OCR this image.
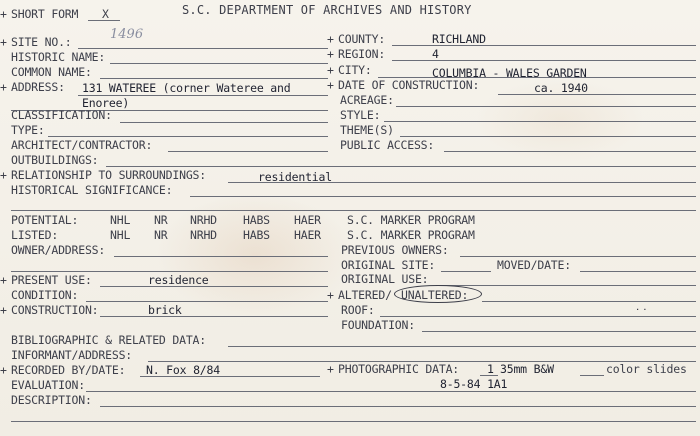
+ SHORT FORM X	S.C. DEPARTMENT OF ARCHIVES AND HISTORY
+ SITE NO.:	1496
HISTORIC NAME:
COMMON NAME:
+ ADDRESS: 131 WATEREE (corner Wateree and
Enoree)
CLASSIFICATION:
TYPE:
ARCHITECT/CONTRACTOR:
OUTBUILDINGS:
+ RELATIONSHIP TO SURROUNDINGS:	residential
HISTORICAL SIGNIFICANCE:
+ COUNTY:	RICHLAND
+ REGION:	4
+ CITY:	COLUMBIA - WALES GARDEN
+ DATE OF CONSTRUCTION:	ca. 1940
ACREAGE:
STYLE:
THEME(S)
PUBLIC ACCESS:
POTENTIAL:	NHL NR NRHD HABS HAER S.C. MARKER PROGRAM
LISTED:	NHL NR NRHD HABS HAER S.C. MARKER PROGRAM
OWNER/ADDRESS:	PREVIOUS OWNERS:
ORIGINAL SITE:	MOVED/DATE:
ORIGINAL USE:
+ PRESENT USE:	residence
CONDITION:	+ ALTERED/ UNALTERED:
+ CONSTRUCTION:	brick	ROOF:	˙˙
FOUNDATION:
BIBLIOGRAPHIC & RELATED DATA:
INFORMANT/ADDRESS:
+ RECORDED BY/DATE: N. Fox 8/84	+ PHOTOGRAPHIC DATA: 1 35mm B&W	color slides
EVALUATION:	8-5-84 1A1
DESCRIPTION:
